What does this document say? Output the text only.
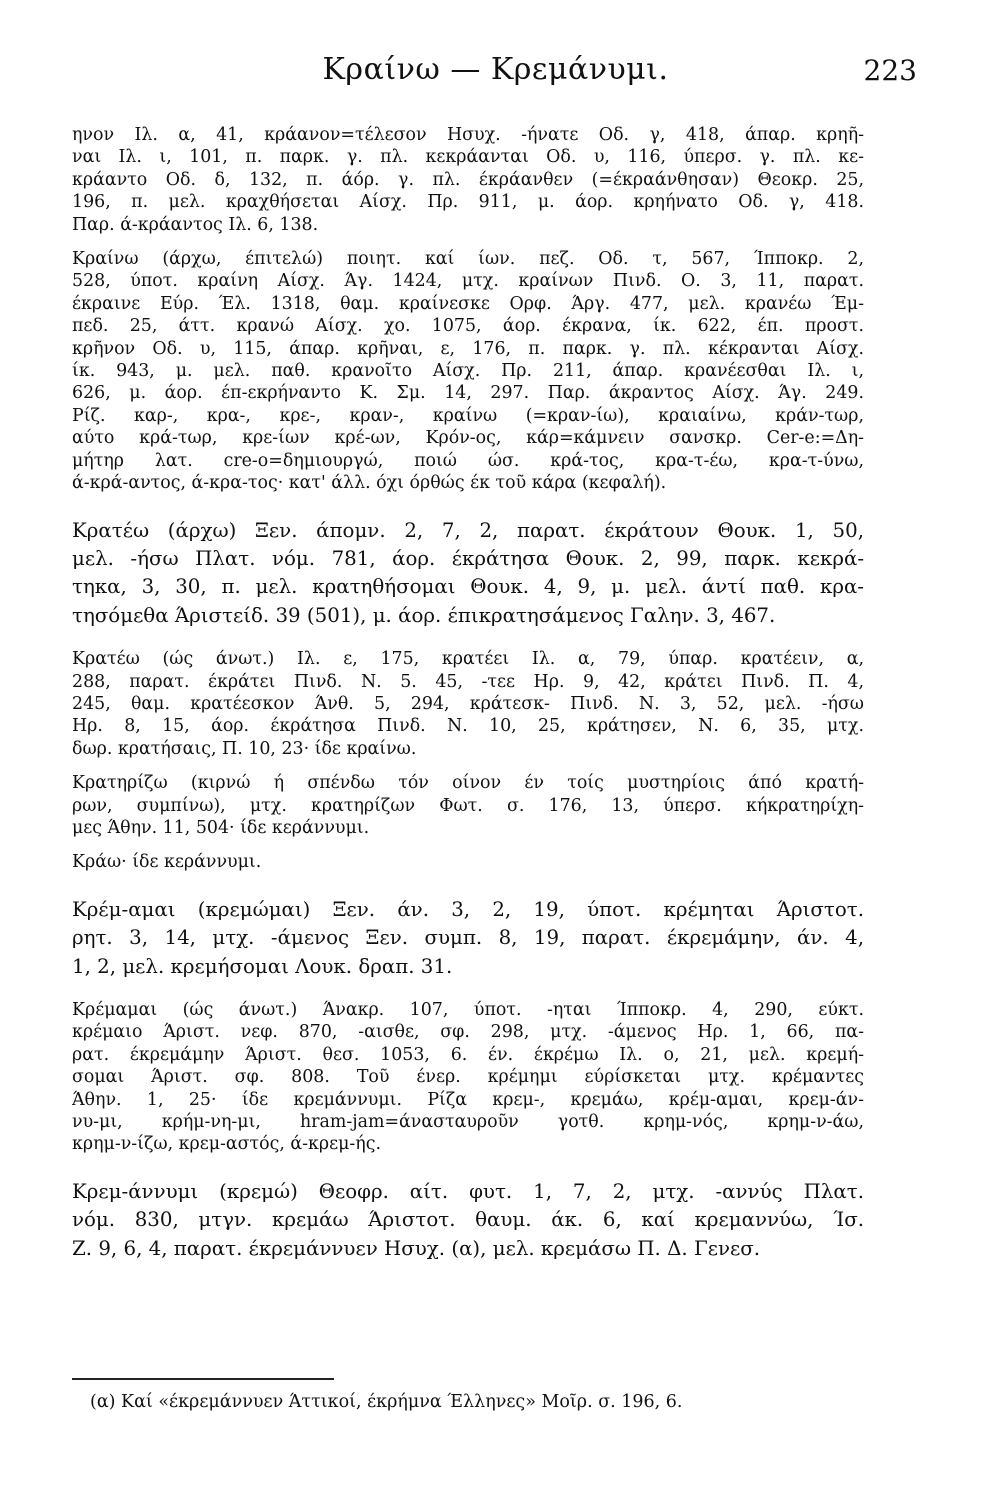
Κραίνω — Κρεμάνυμι.	223
ηνον Ιλ. α, 41, κράανον=τέλεσον Ησυχ. -ήνατε Οδ. γ, 418, άπαρ. κρηῆ-
ναι Ιλ. ι, 101, π. παρκ. γ. πλ. κεκράανται Οδ. υ, 116, ύπερσ. γ. πλ. κε-
κράαντο Οδ. δ, 132, π. άόρ. γ. πλ. έκράανθεν (=έκραάνθησαν) Θεοκρ. 25,
196, π. μελ. κραχθήσεται Αίσχ. Πρ. 911, μ. άορ. κρηήνατο Οδ. γ, 418.
Παρ. ά-κράαντος Ιλ. 6, 138.
Κραίνω (άρχω, έπιτελώ) ποιητ. καί ίων. πεζ. Οδ. τ, 567, Ίπποκρ. 2,
528, ύποτ. κραίνη Αίσχ. Άγ. 1424, μτχ. κραίνων Πινδ. Ο. 3, 11, παρατ.
έκραινε Εύρ. Έλ. 1318, θαμ. κραίνεσκε Ορφ. Άργ. 477, μελ. κρανέω Έμ-
πεδ. 25, άττ. κρανώ Αίσχ. χο. 1075, άορ. έκρανα, ίκ. 622, έπ. προστ.
κρῆνον Οδ. υ, 115, άπαρ. κρῆναι, ε, 176, π. παρκ. γ. πλ. κέκρανται Αίσχ.
ίκ. 943, μ. μελ. παθ. κρανοῖτο Αίσχ. Πρ. 211, άπαρ. κρανέεσθαι Ιλ. ι,
626, μ. άορ. έπ-εκρήναντο Κ. Σμ. 14, 297. Παρ. άκραντος Αίσχ. Άγ. 249.
Ρίζ. καρ-, κρα-, κρε-, κραν-, κραίνω (=κραν-ίω), κραιαίνω, κράν-τωρ,
αύτο κρά-τωρ, κρε-ίων κρέ-ων, Κρόν-ος, κάρ=κάμνειν σανσκρ. Cer-e:=Δη-
μήτηρ λατ. cre-o=δημιουργώ, ποιώ ώσ. κρά-τος, κρα-τ-έω, κρα-τ-ύνω,
ά-κρά-αντος, ά-κρα-τος· κατ' άλλ. όχι όρθώς έκ τοῦ κάρα (κεφαλή).
Κρατέω (άρχω) Ξεν. άπομν. 2, 7, 2, παρατ. έκράτουν Θουκ. 1, 50,
μελ. -ήσω Πλατ. νόμ. 781, άορ. έκράτησα Θουκ. 2, 99, παρκ. κεκρά-
τηκα, 3, 30, π. μελ. κρατηθήσομαι Θουκ. 4, 9, μ. μελ. άντί παθ. κρα-
τησόμεθα Άριστείδ. 39 (501), μ. άορ. έπικρατησάμενος Γαλην. 3, 467.
Κρατέω (ώς άνωτ.) Ιλ. ε, 175, κρατέει Ιλ. α, 79, ύπαρ. κρατέειν, α,
288, παρατ. έκράτει Πινδ. Ν. 5. 45, -τεε Ηρ. 9, 42, κράτει Πινδ. Π. 4,
245, θαμ. κρατέεσκον Άνθ. 5, 294, κράτεσκ- Πινδ. Ν. 3, 52, μελ. -ήσω
Ηρ. 8, 15, άορ. έκράτησα Πινδ. Ν. 10, 25, κράτησεν, Ν. 6, 35, μτχ.
δωρ. κρατήσαις, Π. 10, 23· ίδε κραίνω.
Κρατηρίζω (κιρνώ ή σπένδω τόν οίνον έν τοίς μυστηρίοις άπό κρατή-
ρων, συμπίνω), μτχ. κρατηρίζων Φωτ. σ. 176, 13, ύπερσ. κήκρατηρίχη-
μες Άθην. 11, 504· ίδε κεράννυμι.
Κράω· ίδε κεράννυμι.
Κρέμ-αμαι (κρεμώμαι) Ξεν. άν. 3, 2, 19, ύποτ. κρέμηται Άριστοτ.
ρητ. 3, 14, μτχ. -άμενος Ξεν. συμπ. 8, 19, παρατ. έκρεμάμην, άν. 4,
1, 2, μελ. κρεμήσομαι Λουκ. δραπ. 31.
Κρέμαμαι (ώς άνωτ.) Άνακρ. 107, ύποτ. -ηται Ίπποκρ. 4, 290, εύκτ.
κρέμαιο Άριστ. νεφ. 870, -αισθε, σφ. 298, μτχ. -άμενος Ηρ. 1, 66, πα-
ρατ. έκρεμάμην Άριστ. θεσ. 1053, 6. έν. έκρέμω Ιλ. ο, 21, μελ. κρεμή-
σομαι Άριστ. σφ. 808. Τοῦ ένερ. κρέμημι εύρίσκεται μτχ. κρέμαντες
Άθην. 1, 25· ίδε κρεμάννυμι. Ρίζα κρεμ-, κρεμάω, κρέμ-αμαι, κρεμ-άν-
νυ-μι, κρήμ-νη-μι, hram-jam=άνασταυροῦν γοτθ. κρημ-νός, κρημ-ν-άω,
κρημ-ν-ίζω, κρεμ-αστός, ά-κρεμ-ής.
Κρεμ-άννυμι (κρεμώ) Θεοφρ. αίτ. φυτ. 1, 7, 2, μτχ. -αννύς Πλατ.
νόμ. 830, μτγν. κρεμάω Άριστοτ. θαυμ. άκ. 6, καί κρεμαννύω, Ίσ.
Ζ. 9, 6, 4, παρατ. έκρεμάννυεν Ησυχ. (α), μελ. κρεμάσω Π. Δ. Γενεσ.
(α) Καί «έκρεμάννυεν Άττικοί, έκρήμνα Έλληνες» Μοῖρ. σ. 196, 6.
